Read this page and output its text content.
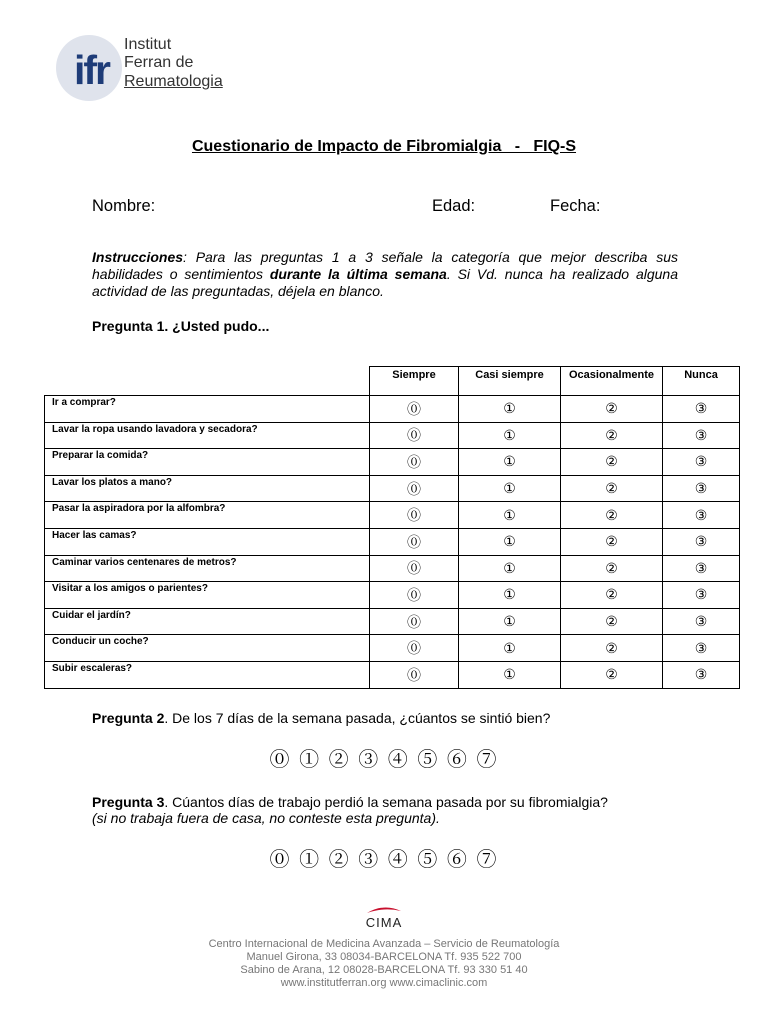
ifr
Institut
Ferran de
Reumatologia
Cuestionario de Impacto de Fibromialgia   -   FIQ-S
Nombre:	Edad:	Fecha:
Instrucciones: Para las preguntas 1 a 3 señale la categoría que mejor describa sus habilidades o sentimientos durante la última semana. Si Vd. nunca ha realizado alguna actividad de las preguntadas, déjela en blanco.
Pregunta 1. ¿Usted pudo...
	Siempre	Casi siempre	Ocasionalmente	Nunca
Ir a comprar?	⓪	①	②	③
Lavar la ropa usando lavadora y secadora?	⓪	①	②	③
Preparar la comida?	⓪	①	②	③
Lavar los platos a mano?	⓪	①	②	③
Pasar la aspiradora por la alfombra?	⓪	①	②	③
Hacer las camas?	⓪	①	②	③
Caminar varios centenares de metros?	⓪	①	②	③
Visitar a los amigos o parientes?	⓪	①	②	③
Cuidar el jardín?	⓪	①	②	③
Conducir un coche?	⓪	①	②	③
Subir escaleras?	⓪	①	②	③
Pregunta 2. De los 7 días de la semana pasada, ¿cúantos se sintió bien?
⓪ ① ② ③ ④ ⑤ ⑥ ⑦
Pregunta 3. Cúantos días de trabajo perdió la semana pasada por su fibromialgia?
(si no trabaja fuera de casa, no conteste esta pregunta).
⓪ ① ② ③ ④ ⑤ ⑥ ⑦
CIMA
Centro Internacional de Medicina Avanzada – Servicio de Reumatología
Manuel Girona, 33 08034-BARCELONA Tf. 935 522 700
Sabino de Arana, 12 08028-BARCELONA Tf. 93 330 51 40
www.institutferran.org www.cimaclinic.com
